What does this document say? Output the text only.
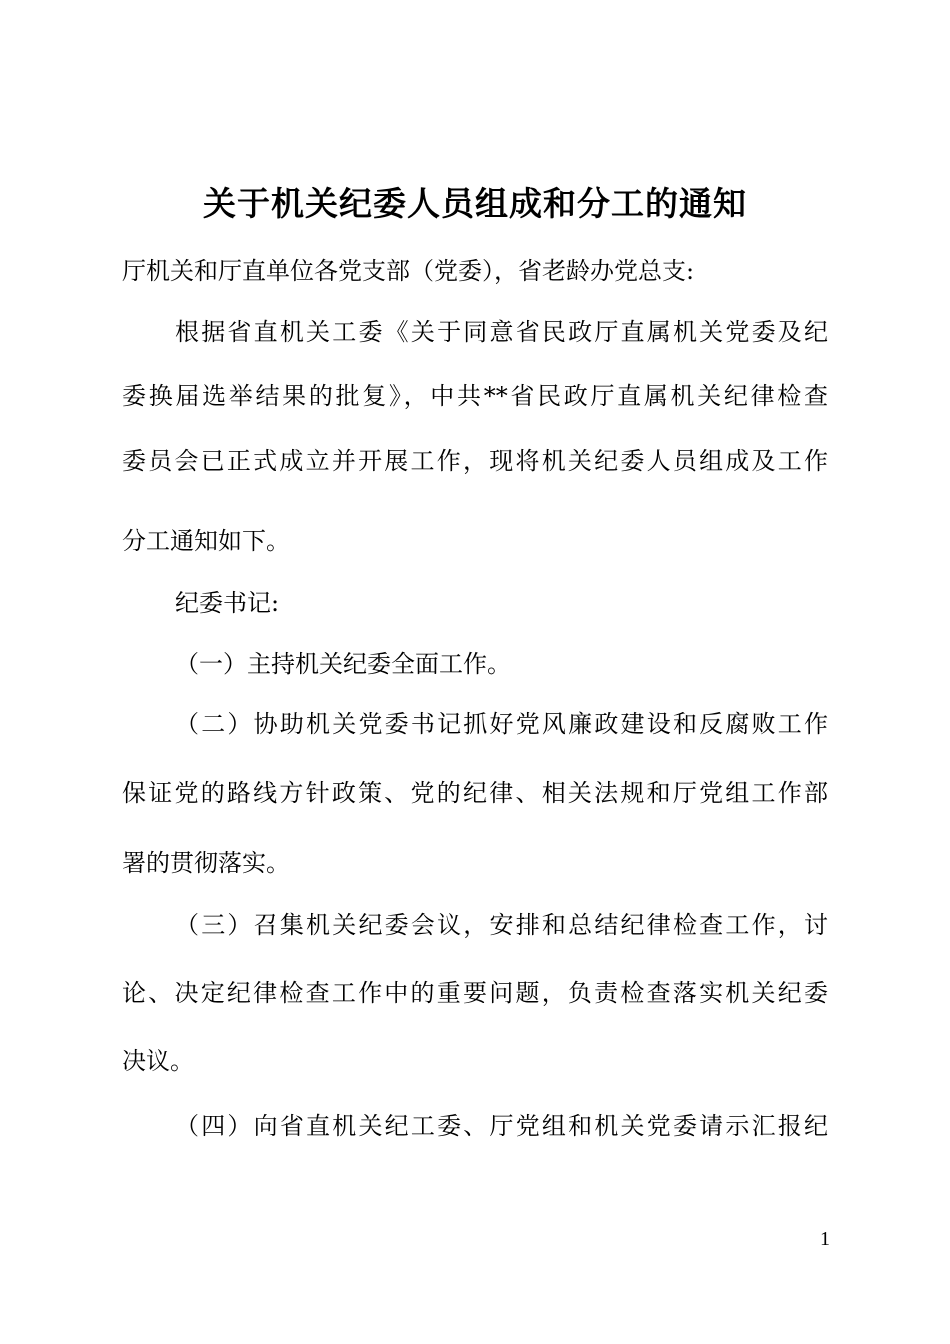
关于机关纪委人员组成和分工的通知
厅机关和厅直单位各党支部（党委），省老龄办党总支:
根据省直机关工委《关于同意省民政厅直属机关党委及纪
委换届选举结果的批复》，中共**省民政厅直属机关纪律检查
委员会已正式成立并开展工作，现将机关纪委人员组成及工作
分工通知如下。
纪委书记:
（一）主持机关纪委全面工作。
（二）协助机关党委书记抓好党风廉政建设和反腐败工作
保证党的路线方针政策、党的纪律、相关法规和厅党组工作部
署的贯彻落实。
（三）召集机关纪委会议，安排和总结纪律检查工作，讨
论、决定纪律检查工作中的重要问题，负责检查落实机关纪委
决议。
（四）向省直机关纪工委、厅党组和机关党委请示汇报纪
1
